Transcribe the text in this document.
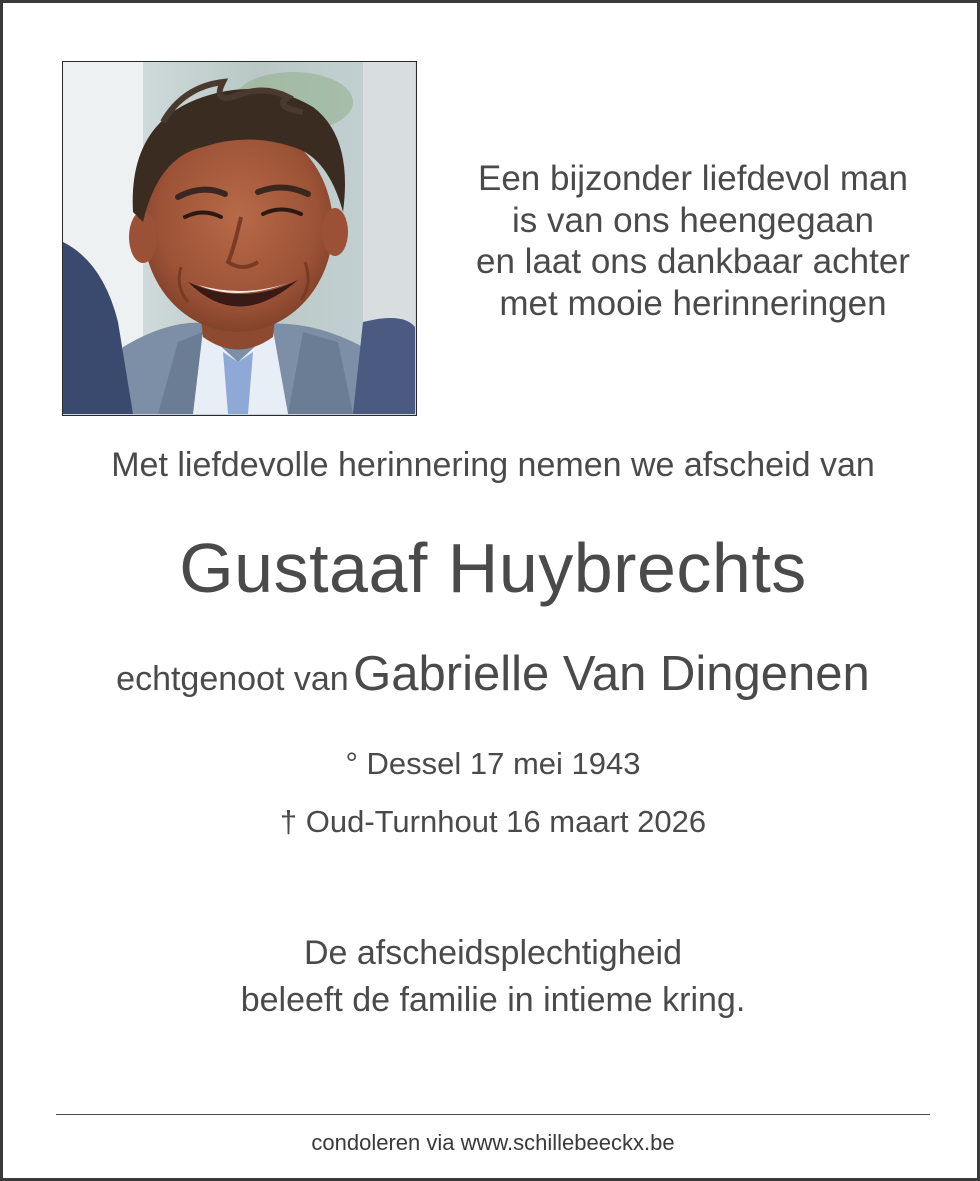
Een bijzonder liefdevol man
is van ons heengegaan
en laat ons dankbaar achter
met mooie herinneringen
Met liefdevolle herinnering nemen we afscheid van
Gustaaf Huybrechts
echtgenoot van Gabrielle Van Dingenen
° Dessel 17 mei 1943
† Oud-Turnhout 16 maart 2026
De afscheidsplechtigheid
beleeft de familie in intieme kring.
condoleren via www.schillebeeckx.be
